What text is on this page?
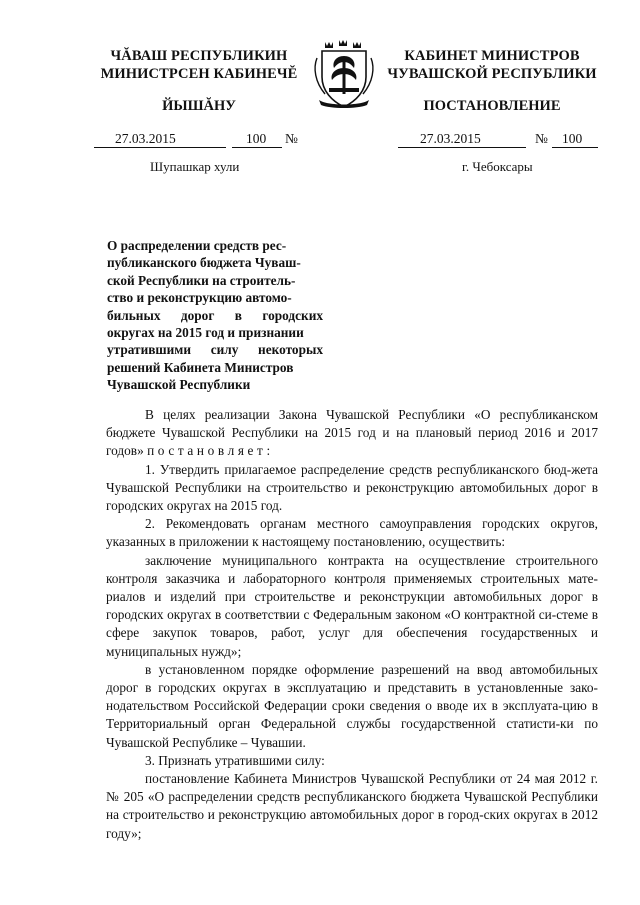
ЧĂВАШ РЕСПУБЛИКИН
МИНИСТРСЕН КАБИНЕЧĔ
ЙЫШĂНУ
КАБИНЕТ МИНИСТРОВ
ЧУВАШСКОЙ РЕСПУБЛИКИ
ПОСТАНОВЛЕНИЕ
27.03.2015	100 №
Шупашкар хули
27.03.2015	№ 100
г. Чебоксары
О распределении средств рес-
публиканского бюджета Чуваш-
ской Республики на строитель-
ство и реконструкцию автомо-
бильных дорог в городских
округах на 2015 год и признании
утратившими силу некоторых
решений Кабинета Министров
Чувашской Республики

В целях реализации Закона Чувашской Республики «О республиканском бюджете Чувашской Республики на 2015 год и на плановый период 2016 и 2017 годов» постановляет:

1. Утвердить прилагаемое распределение средств республиканского бюд-жета Чувашской Республики на строительство и реконструкцию автомобильных дорог в городских округах на 2015 год.

2. Рекомендовать органам местного самоуправления городских округов, указанных в приложении к настоящему постановлению, осуществить:

заключение муниципального контракта на осуществление строительного контроля заказчика и лабораторного контроля применяемых строительных мате-риалов и изделий при строительстве и реконструкции автомобильных дорог в городских округах в соответствии с Федеральным законом «О контрактной си-стеме в сфере закупок товаров, работ, услуг для обеспечения государственных и муниципальных нужд»;

в установленном порядке оформление разрешений на ввод автомобильных дорог в городских округах в эксплуатацию и представить в установленные зако-нодательством Российской Федерации сроки сведения о вводе их в эксплуата-цию в Территориальный орган Федеральной службы государственной статисти-ки по Чувашской Республике – Чувашии.

3. Признать утратившими силу:

постановление Кабинета Министров Чувашской Республики от 24 мая 2012 г. № 205 «О распределении средств республиканского бюджета Чувашской Республики на строительство и реконструкцию автомобильных дорог в город-ских округах в 2012 году»;
